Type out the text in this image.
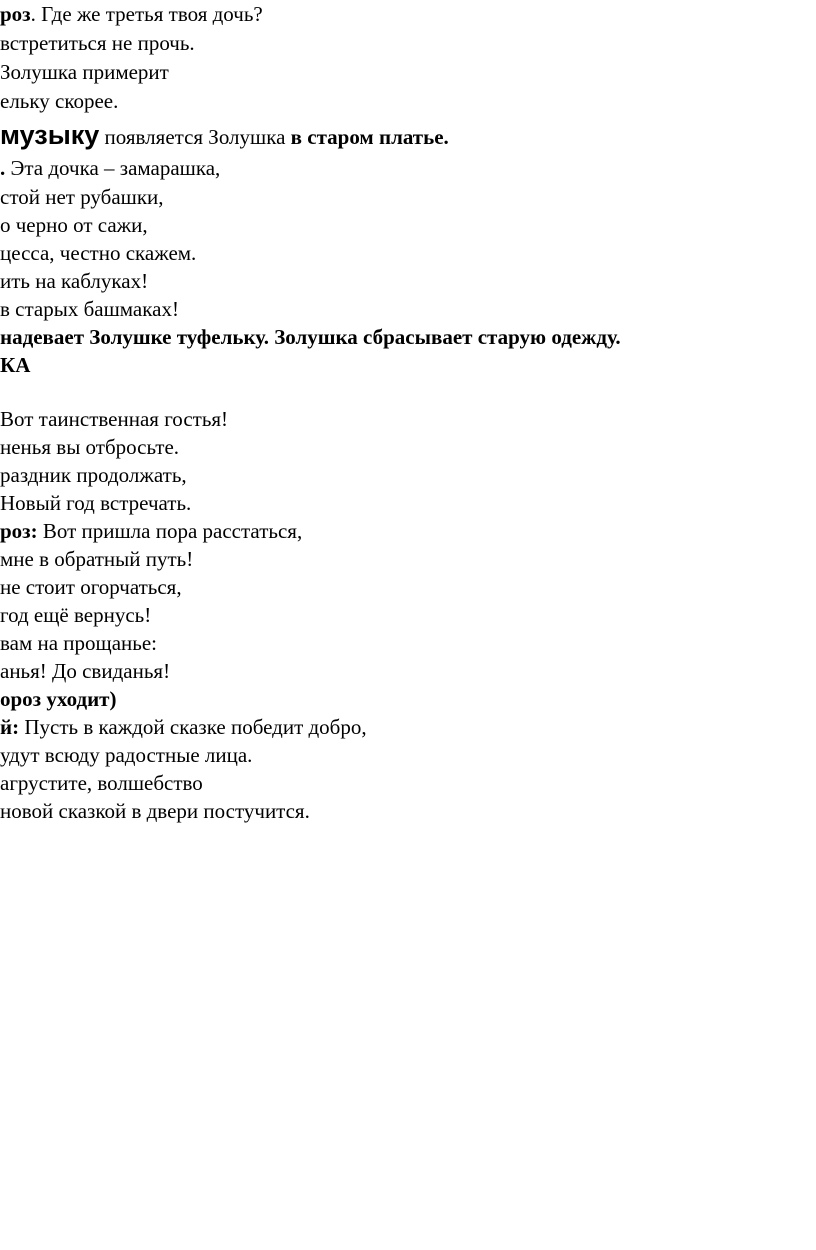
роз. Где же третья твоя дочь?
встретиться не прочь.
Золушка примерит
ельку скорее.
музыку появляется Золушка в старом платье.
. Эта дочка – замарашка,
стой нет рубашки,
о черно от сажи,
цесса, честно скажем.
ить на каблуках!
в старых башмаках!
надевает Золушке туфельку. Золушка сбрасывает старую одежду.
КА
Вот таинственная гостья!
ненья вы отбросьте.
раздник продолжать,
Новый год встречать.
роз: Вот пришла пора расстаться,
мне в обратный путь!
не стоит огорчаться,
год ещё вернусь!
вам на прощанье:
анья! До свиданья!
ороз уходит)
й: Пусть в каждой сказке победит добро,
удут всюду радостные лица.
агрустите, волшебство
новой сказкой в двери постучится.
